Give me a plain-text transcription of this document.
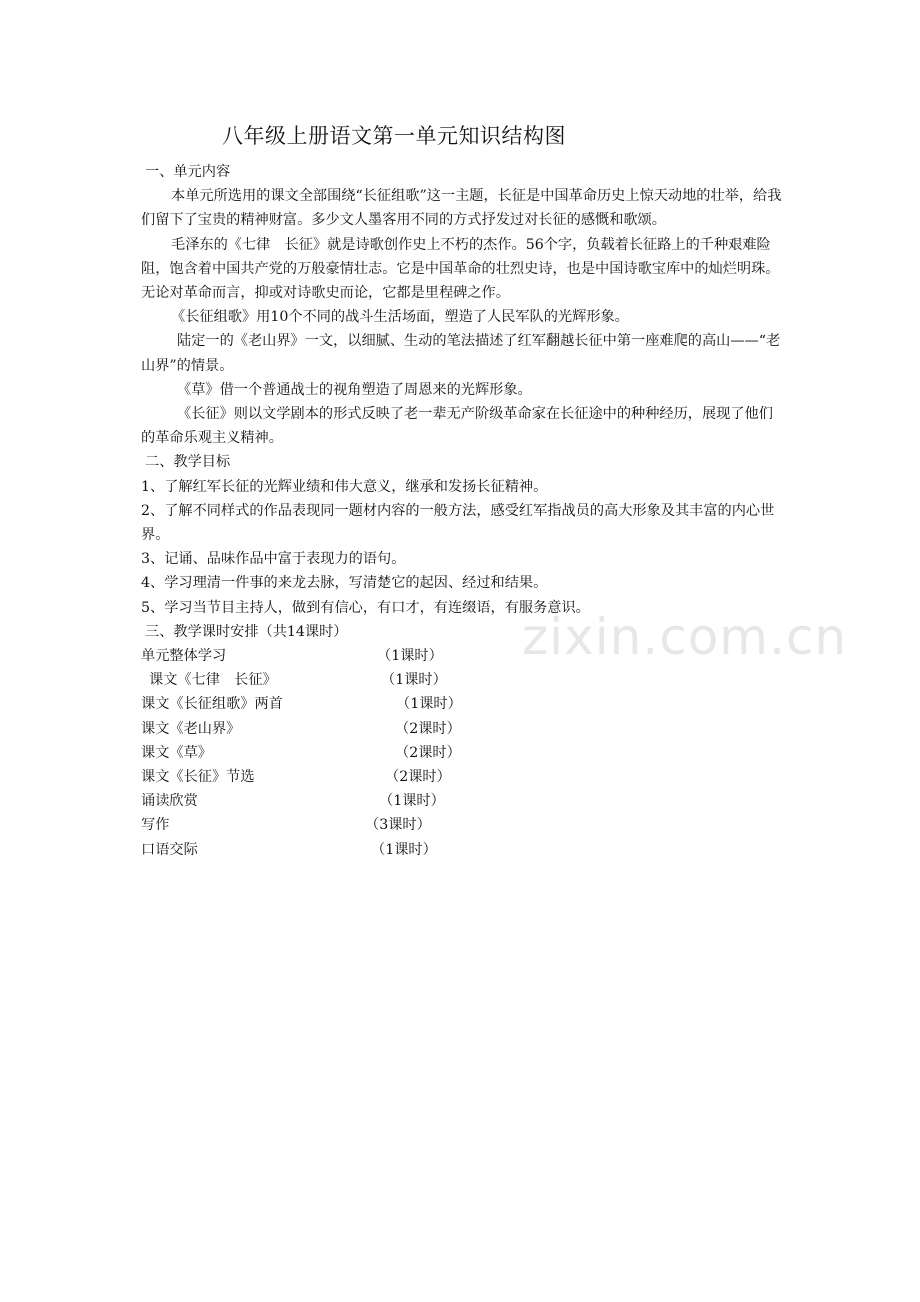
八年级上册语文第一单元知识结构图

一、单元内容

本单元所选用的课文全部围绕“长征组歌”这一主题，长征是中国革命历史上惊天动地的壮举，给我们留下了宝贵的精神财富。多少文人墨客用不同的方式抒发过对长征的感慨和歌颂。

毛泽东的《七律　长征》就是诗歌创作史上不朽的杰作。56个字，负载着长征路上的千种艰难险阻，饱含着中国共产党的万般豪情壮志。它是中国革命的壮烈史诗，也是中国诗歌宝库中的灿烂明珠。无论对革命而言，抑或对诗歌史而论，它都是里程碑之作。

《长征组歌》用10个不同的战斗生活场面，塑造了人民军队的光辉形象。

陆定一的《老山界》一文，以细腻、生动的笔法描述了红军翻越长征中第一座难爬的高山——“老山界”的情景。

《草》借一个普通战士的视角塑造了周恩来的光辉形象。

《长征》则以文学剧本的形式反映了老一辈无产阶级革命家在长征途中的种种经历，展现了他们的革命乐观主义精神。

二、教学目标

1、了解红军长征的光辉业绩和伟大意义，继承和发扬长征精神。

2、了解不同样式的作品表现同一题材内容的一般方法，感受红军指战员的高大形象及其丰富的内心世界。

3、记诵、品味作品中富于表现力的语句。

4、学习理清一件事的来龙去脉，写清楚它的起因、经过和结果。

5、学习当节目主持人，做到有信心，有口才，有连缀语，有服务意识。

三、教学课时安排（共14课时）

单元整体学习	（1课时）
课文《七律　长征》	（1课时）
课文《长征组歌》两首	（1课时）
课文《老山界》	（2课时）
课文《草》	（2课时）
课文《长征》节选	（2课时）
诵读欣赏	（1课时）
写作	（3课时）
口语交际	（1课时）
zixin.com.cn
